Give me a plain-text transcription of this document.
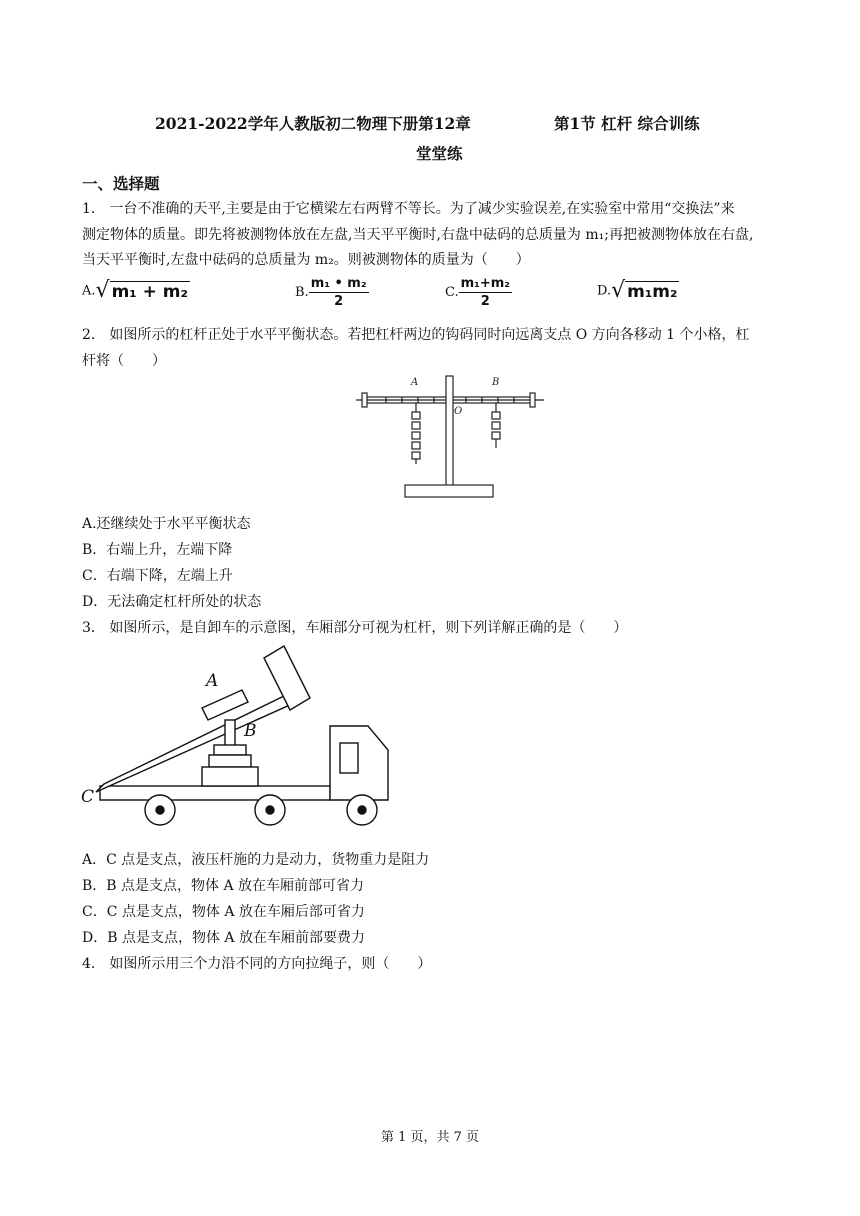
2021-2022学年人教版初二物理下册第12章	第1节 杠杆 综合训练
堂堂练
一、选择题
1． 一台不准确的天平,主要是由于它横梁左右两臂不等长。为了减少实验误差,在实验室中常用“交换法”来
测定物体的质量。即先将被测物体放在左盘,当天平平衡时,右盘中砝码的总质量为 m₁;再把被测物体放在右盘,
当天平平衡时,左盘中砝码的总质量为 m₂。则被测物体的质量为（　　）
A. √ m₁ + m₂	B. $\frac{\text{m₁ • m₂}}{2}$	C. $\frac{\text{m₁+m₂}}{2}$	D. √ m₁m₂
2． 如图所示的杠杆正处于水平平衡状态。若把杠杆两边的钩码同时向远离支点 O 方向各移动 1 个小格，杠
杆将（　　）
A	B
O
A.还继续处于水平平衡状态
B．右端上升，左端下降
C．右端下降，左端上升
D．无法确定杠杆所处的状态
3． 如图所示，是自卸车的示意图，车厢部分可视为杠杆，则下列详解正确的是（　　）
A
B
C
A．C 点是支点，液压杆施的力是动力，货物重力是阻力
B．B 点是支点，物体 A 放在车厢前部可省力
C．C 点是支点，物体 A 放在车厢后部可省力
D．B 点是支点，物体 A 放在车厢前部要费力
4． 如图所示用三个力沿不同的方向拉绳子，则（　　）
第 1 页，共 7 页
